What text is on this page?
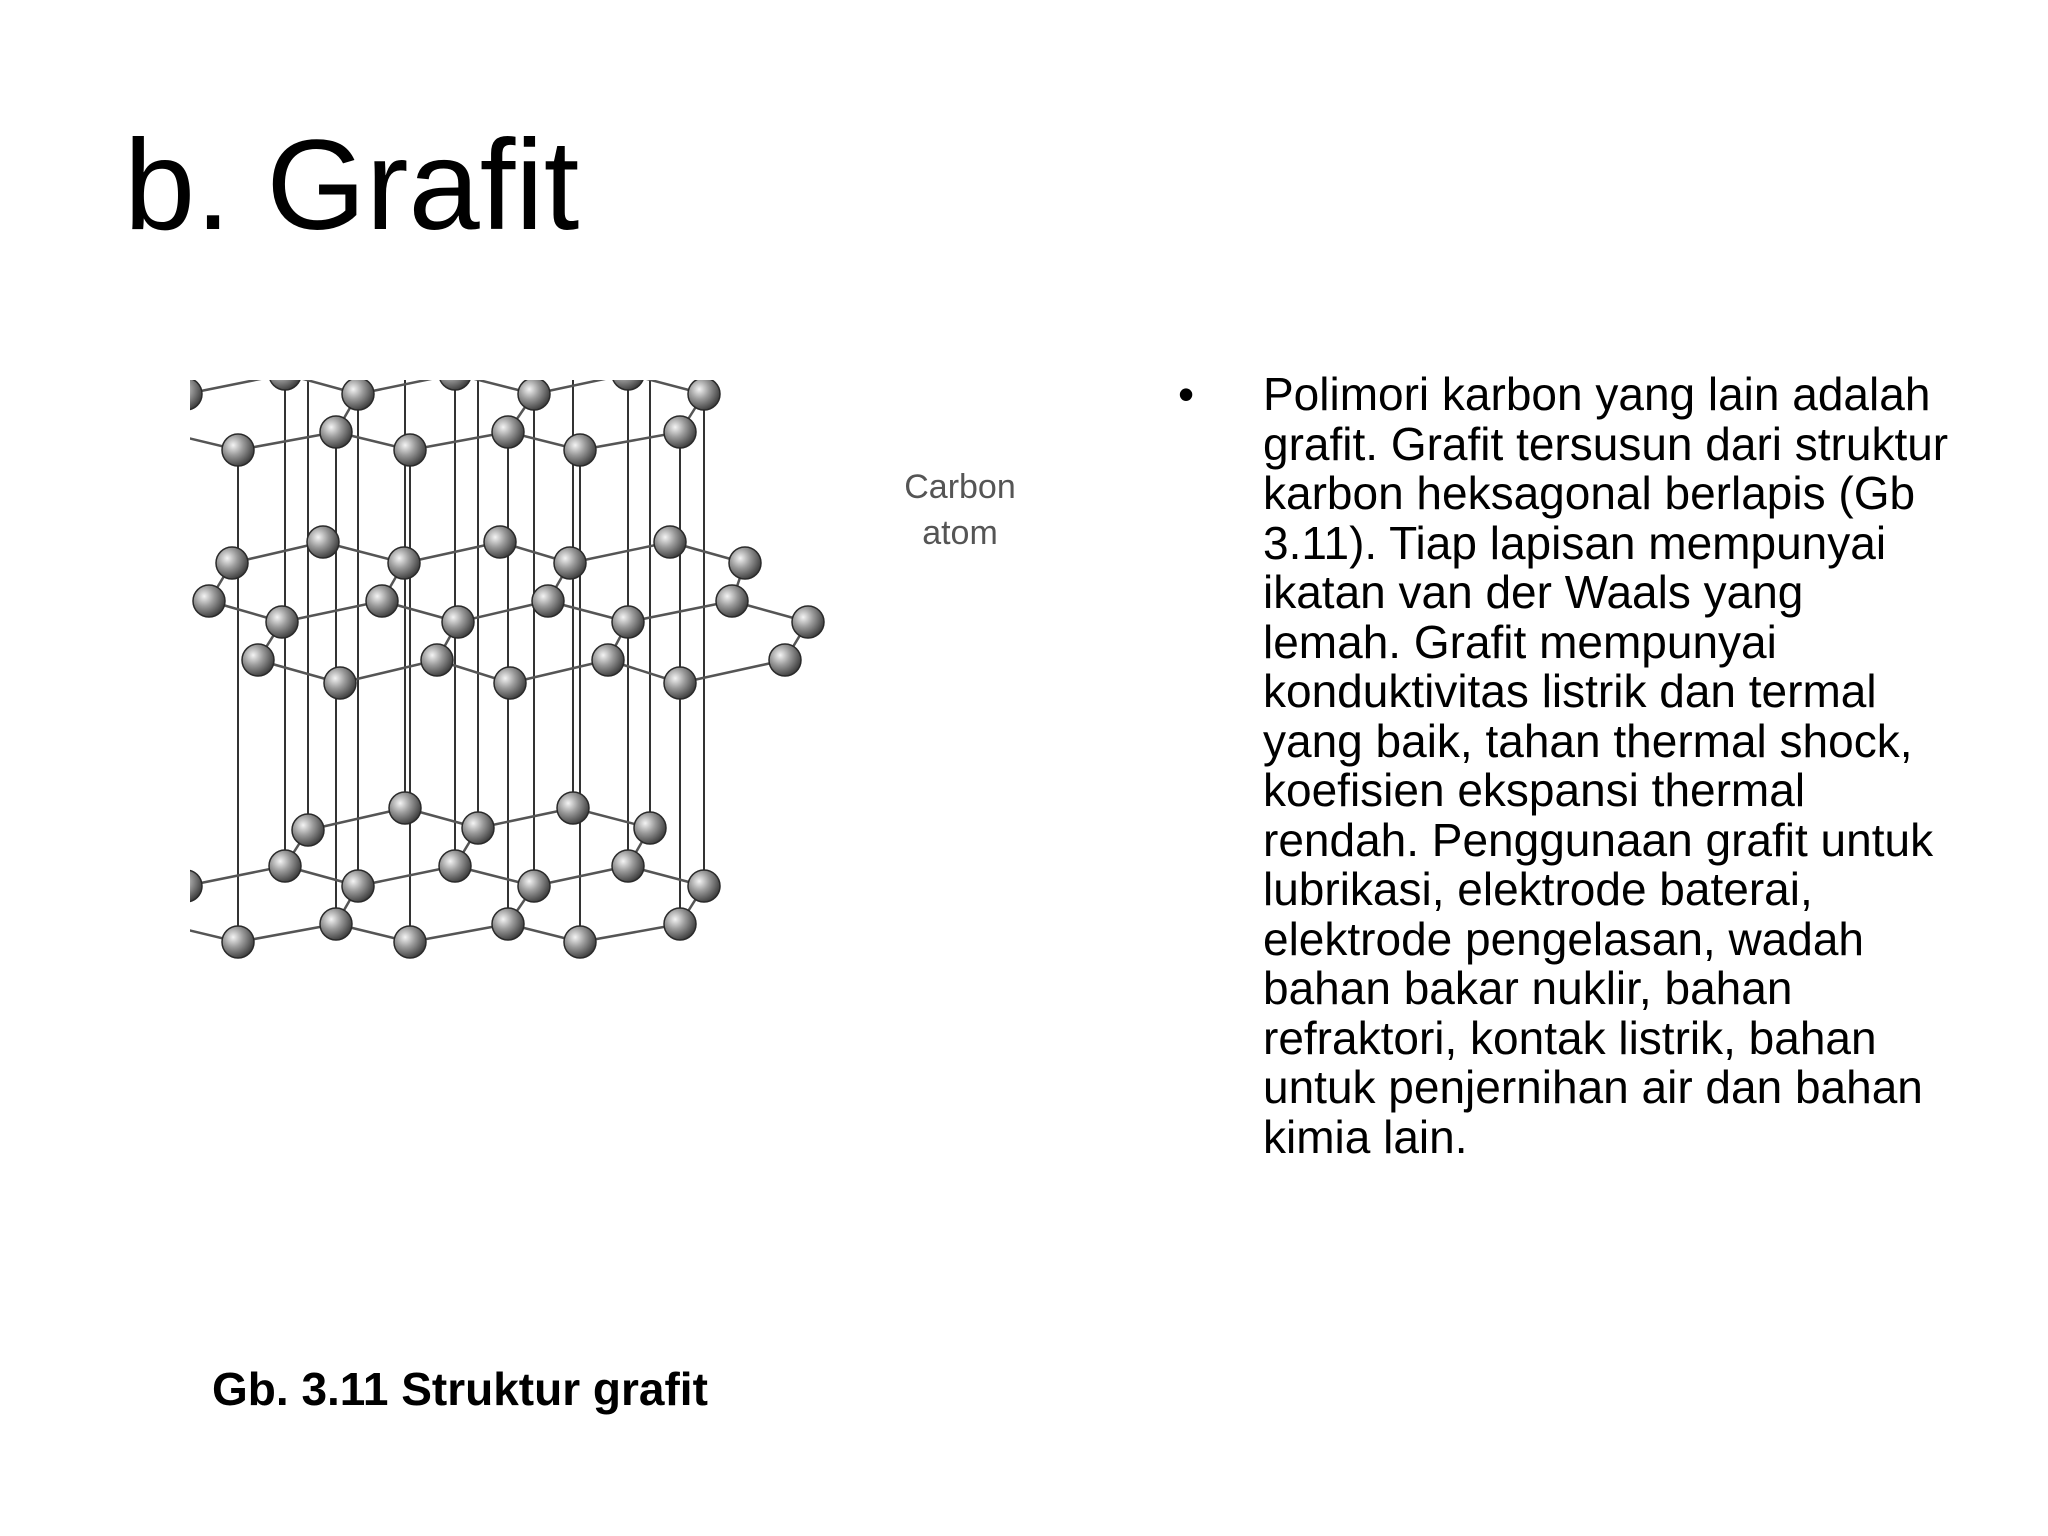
b. Grafit
Carbon
atom
Gb. 3.11 Struktur grafit
• Polimori karbon yang lain adalah grafit. Grafit tersusun dari struktur karbon heksagonal berlapis (Gb 3.11). Tiap lapisan mempunyai ikatan van der Waals yang lemah. Grafit mempunyai konduktivitas listrik dan termal yang baik, tahan thermal shock, koefisien ekspansi thermal rendah. Penggunaan grafit untuk lubrikasi, elektrode baterai, elektrode pengelasan, wadah bahan bakar nuklir, bahan refraktori, kontak listrik, bahan untuk penjernihan air dan bahan kimia lain.
